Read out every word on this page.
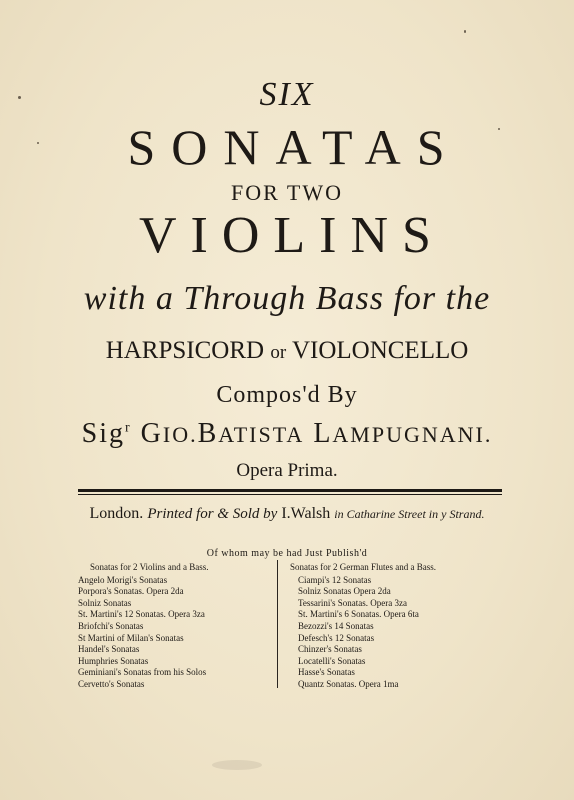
SIX
SONATAS
FOR TWO
VIOLINS
with a Through Bass for the
HARPSICORD or VIOLONCELLO
Compos'd By
Sig$^r$ GIO.BATISTA LAMPUGNANI.
Opera Prima.
London. Printed for & Sold by I.Walsh in Catharine Street in y Strand.
Of whom may be had Just Publish'd
Sonatas for 2 Violins and a Bass.
Angelo Morigi's Sonatas
Porpora's Sonatas. Opera 2da
Solniz Sonatas
St. Martini's 12 Sonatas. Opera 3za
Briofchi's Sonatas
St Martini of Milan's Sonatas
Handel's Sonatas
Humphries Sonatas
Geminiani's Sonatas from his Solos
Cervetto's Sonatas
Sonatas for 2 German Flutes and a Bass.
Ciampi's 12 Sonatas
Solniz Sonatas Opera 2da
Tessarini's Sonatas. Opera 3za
St. Martini's 6 Sonatas. Opera 6ta
Bezozzi's 14 Sonatas
Defesch's 12 Sonatas
Chinzer's Sonatas
Locatelli's Sonatas
Hasse's Sonatas
Quantz Sonatas. Opera 1ma
